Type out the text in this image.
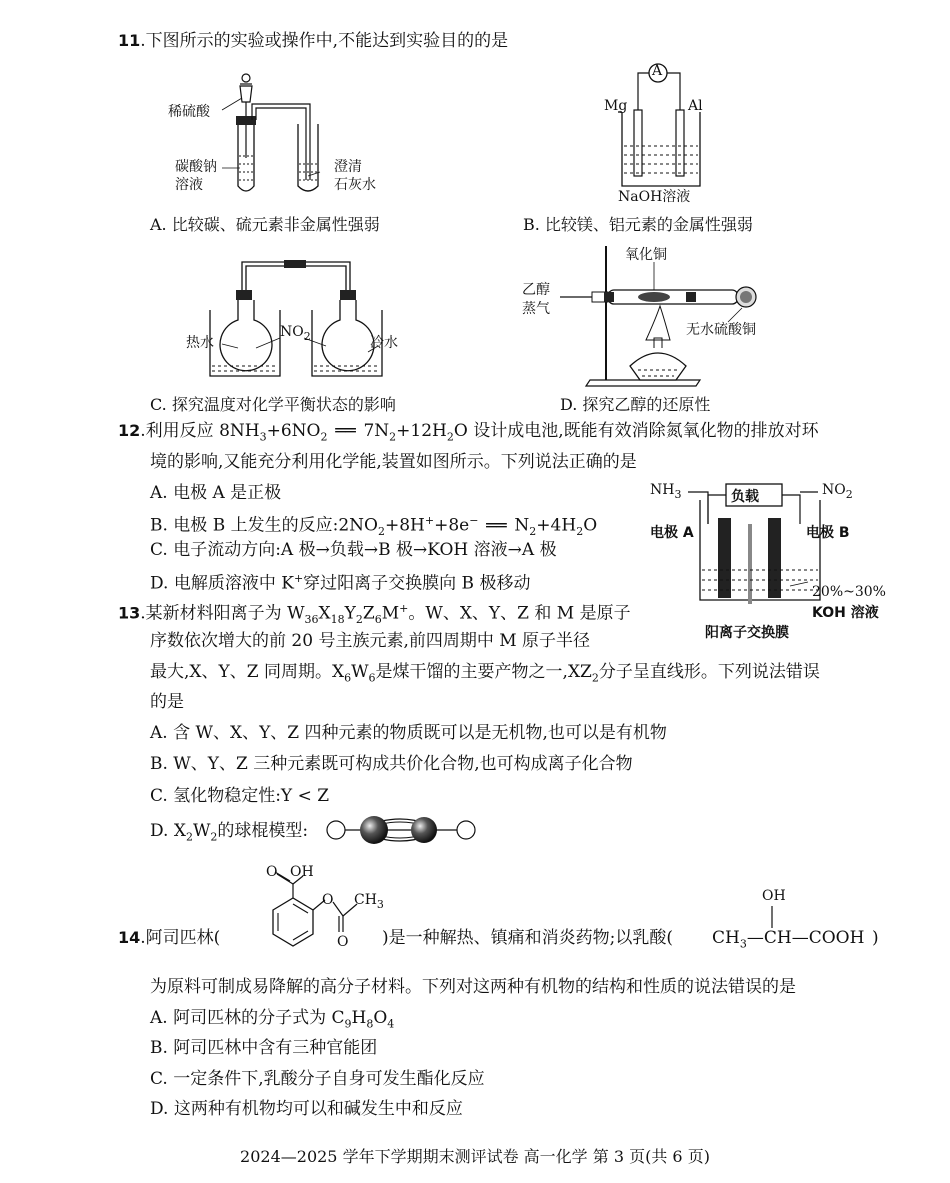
11.下图所示的实验或操作中,不能达到实验目的的是
稀硫酸
碳酸钠
溶液
澄清
石灰水
A
Mg	Al
NaOH溶液
A. 比较碳、硫元素非金属性强弱	B. 比较镁、铝元素的金属性强弱
热水
$NO_2$	冷水
氧化铜
乙醇
蒸气
无水硫酸铜
C. 探究温度对化学平衡状态的影响	D. 探究乙醇的还原性
12.利用反应 $8NH_3+6NO_2$ ══ $7N_2+12H_2O$ 设计成电池,既能有效消除氮氧化物的排放对环
境的影响,又能充分利用化学能,装置如图所示。下列说法正确的是
A. 电极 A 是正极
B. 电极 B 上发生的反应$:2NO_2+8H^++8e^-$ ══ $N_2+4H_2O$
C. 电子流动方向:A 极→负载→B 极→KOH 溶液→A 极
D. 电解质溶液中 K+穿过阳离子交换膜向 B 极移动
$NH_3$	负载	$NO_2$
电极 A	电极 B
20%~30%
KOH 溶液
阳离子交换膜
13.某新材料阳离子为 $W_{36}X_{18}Y_2Z_6M^+$。W、X、Y、Z 和 M 是原子
序数依次增大的前 20 号主族元素,前四周期中 M 原子半径
最大,X、Y、Z 同周期。$X_6W_6$是煤干馏的主要产物之一$,XZ_2$分子呈直线形。下列说法错误
的是
A. 含 W、X、Y、Z 四种元素的物质既可以是无机物,也可以是有机物
B. W、Y、Z 三种元素既可构成共价化合物,也可构成离子化合物
C. 氢化物稳定性:Y < Z
D. $X_2W_2$的球棍模型:
O OH
O $CH_3$
O
14.阿司匹林(	)是一种解热、镇痛和消炎药物;以乳酸(
OH
$CH_3—CH—COOH$ )
为原料可制成易降解的高分子材料。下列对这两种有机物的结构和性质的说法错误的是
A. 阿司匹林的分子式为 $C_9H_8O_4$
B. 阿司匹林中含有三种官能团
C. 一定条件下,乳酸分子自身可发生酯化反应
D. 这两种有机物均可以和碱发生中和反应
2024—2025 学年下学期期末测评试卷 高一化学 第 3 页(共 6 页)
